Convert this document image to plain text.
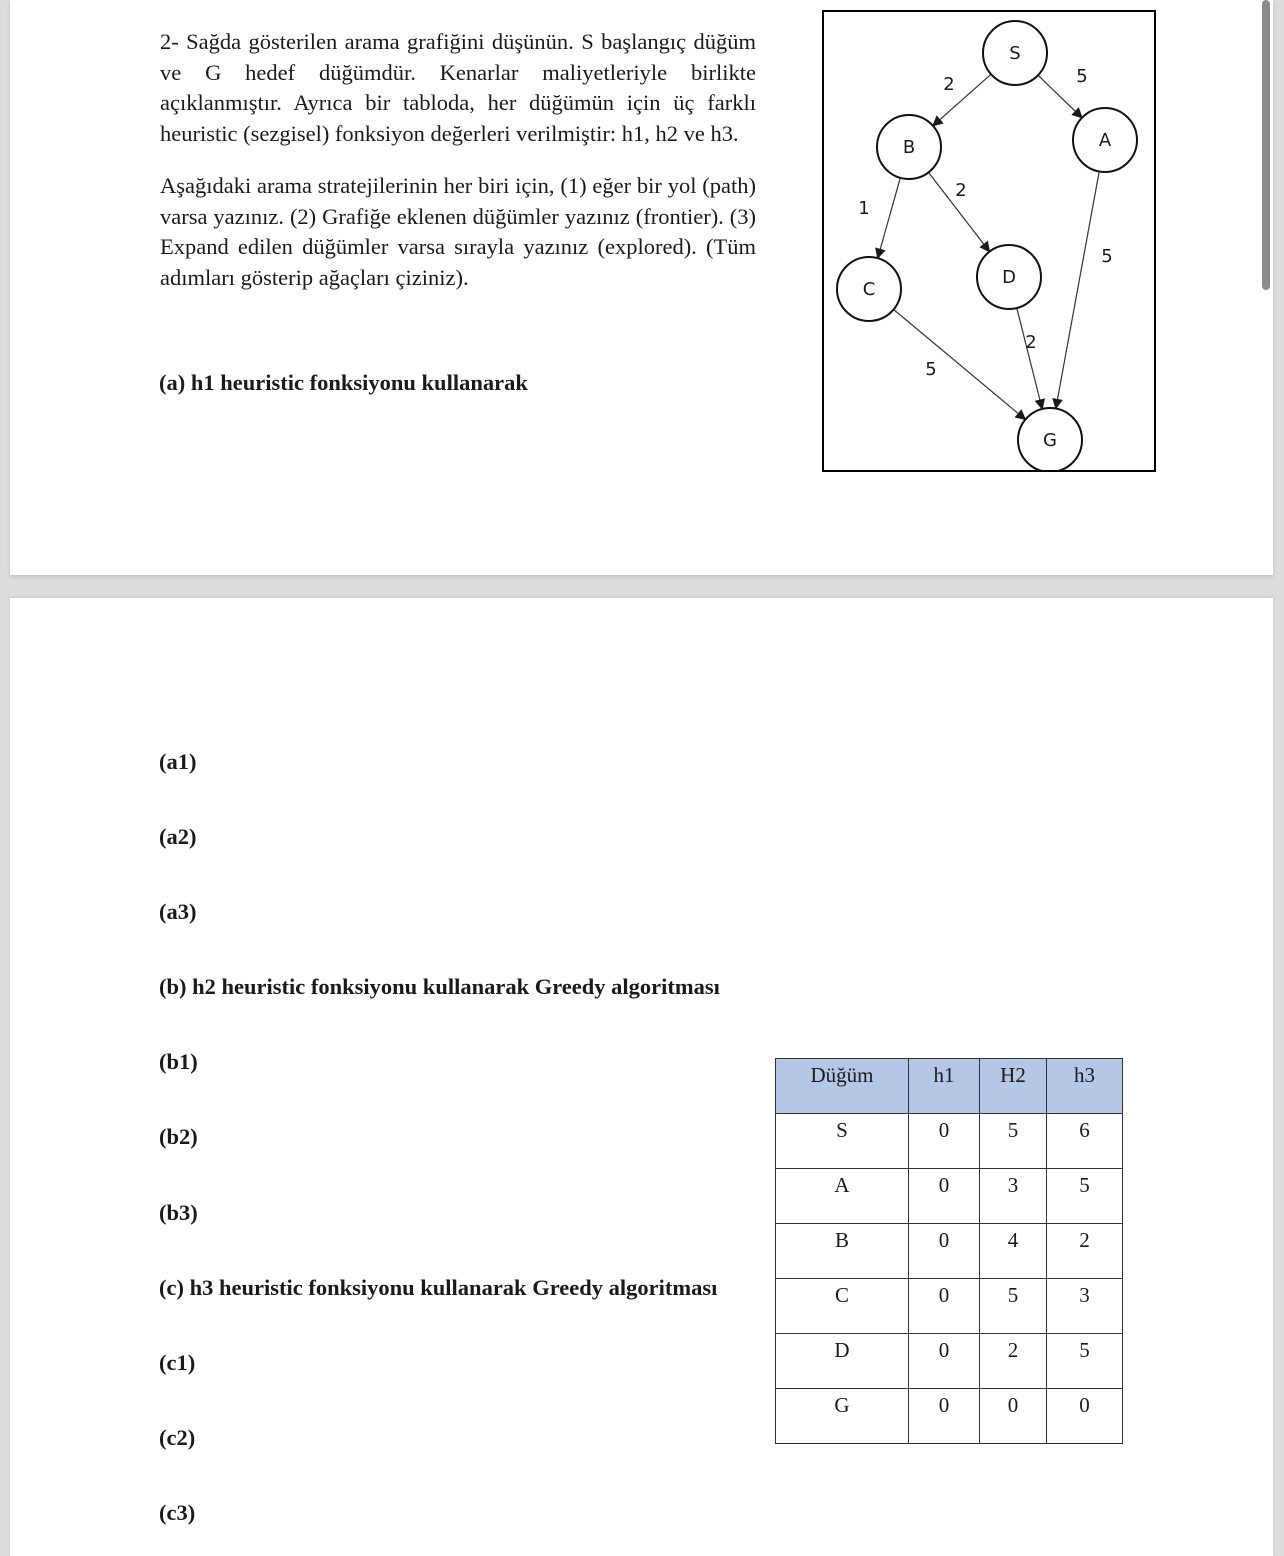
2- Sağda gösterilen arama grafiğini düşünün. S başlangıç düğüm ve G hedef düğümdür. Kenarlar maliyetleriyle birlikte açıklanmıştır. Ayrıca bir tabloda, her düğümün için üç farklı heuristic (sezgisel) fonksiyon değerleri verilmiştir: h1, h2 ve h3.

Aşağıdaki arama stratejilerinin her biri için, (1) eğer bir yol (path) varsa yazınız. (2) Grafiğe eklenen düğümler yazınız (frontier). (3) Expand edilen düğümler varsa sırayla yazınız (explored). (Tüm adımları gösterip ağaçları çiziniz).

(a) h1 heuristic fonksiyonu kullanarak

2	5
1
2
5
2
5
S
A
B
C
D
G

(a1)

(a2)

(a3)

(b) h2 heuristic fonksiyonu kullanarak Greedy algoritması

(b1)

(b2)

(b3)

(c) h3 heuristic fonksiyonu kullanarak Greedy algoritması

(c1)

(c2)

(c3)

Düğüm	h1	H2	h3
S	0	5	6
A	0	3	5
B	0	4	2
C	0	5	3
D	0	2	5
G	0	0	0
